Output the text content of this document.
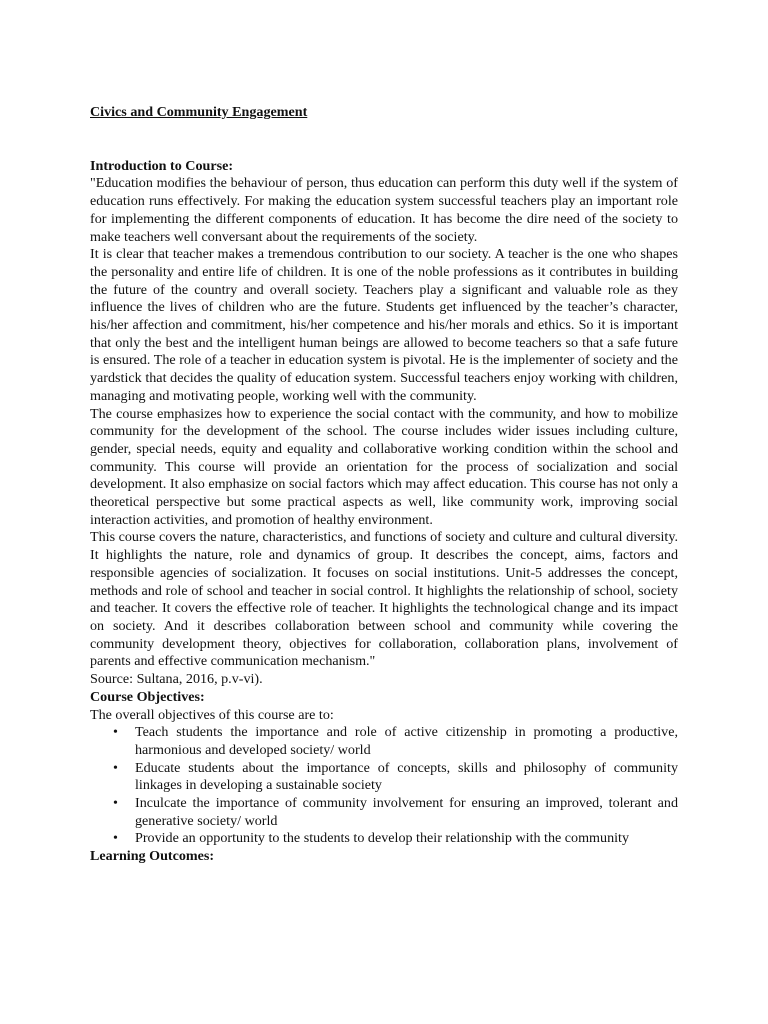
Civics and Community Engagement

Introduction to Course:

"Education modifies the behaviour of person, thus education can perform this duty well if the system of education runs effectively. For making the education system successful teachers play an important role for implementing the different components of education. It has become the dire need of the society to make teachers well conversant about the requirements of the society.

It is clear that teacher makes a tremendous contribution to our society. A teacher is the one who shapes the personality and entire life of children. It is one of the noble professions as it contributes in building the future of the country and overall society. Teachers play a significant and valuable role as they influence the lives of children who are the future. Students get influenced by the teacher’s character, his/her affection and commitment, his/her competence and his/her morals and ethics. So it is important that only the best and the intelligent human beings are allowed to become teachers so that a safe future is ensured. The role of a teacher in education system is pivotal. He is the implementer of society and the yardstick that decides the quality of education system. Successful teachers enjoy working with children, managing and motivating people, working well with the community.

The course emphasizes how to experience the social contact with the community, and how to mobilize community for the development of the school. The course includes wider issues including culture, gender, special needs, equity and equality and collaborative working condition within the school and community. This course will provide an orientation for the process of socialization and social development. It also emphasize on social factors which may affect education. This course has not only a theoretical perspective but some practical aspects as well, like community work, improving social interaction activities, and promotion of healthy environment.

This course covers the nature, characteristics, and functions of society and culture and cultural diversity. It highlights the nature, role and dynamics of group. It describes the concept, aims, factors and responsible agencies of socialization. It focuses on social institutions. Unit-5 addresses the concept, methods and role of school and teacher in social control. It highlights the relationship of school, society and teacher. It covers the effective role of teacher. It highlights the technological change and its impact on society. And it describes collaboration between school and community while covering the community development theory, objectives for collaboration, collaboration plans, involvement of parents and effective communication mechanism."

Source: Sultana, 2016, p.v-vi).

Course Objectives:

The overall objectives of this course are to:

• Teach students the importance and role of active citizenship in promoting a productive, harmonious and developed society/ world
• Educate students about the importance of concepts, skills and philosophy of community linkages in developing a sustainable society
• Inculcate the importance of community involvement for ensuring an improved, tolerant and generative society/ world
• Provide an opportunity to the students to develop their relationship with the community

Learning Outcomes:
